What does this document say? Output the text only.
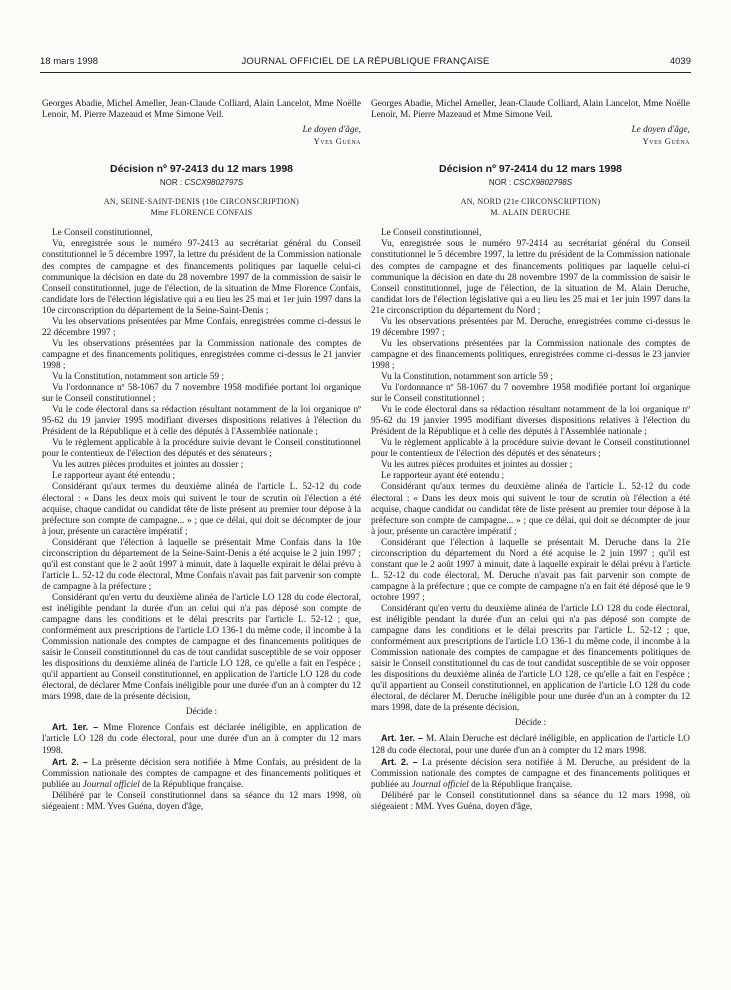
18 mars 1998	JOURNAL OFFICIEL DE LA RÉPUBLIQUE FRANÇAISE	4039

Georges Abadie, Michel Ameller, Jean-Claude Colliard, Alain Lancelot, Mme Noëlle Lenoir, M. Pierre Mazeaud et Mme Simone Veil.

Le doyen d'âge,
Yves Guéna
Décision nº 97-2413 du 12 mars 1998
NOR : CSCX9802797S
AN, SEINE-SAINT-DENIS (10e CIRCONSCRIPTION)
Mme FLORENCE CONFAIS

Le Conseil constitutionnel,

Vu, enregistrée sous le numéro 97-2413 au secrétariat général du Conseil constitutionnel le 5 décembre 1997, la lettre du président de la Commission nationale des comptes de campagne et des financements politiques par laquelle celui-ci communique la décision en date du 28 novembre 1997 de la commission de saisir le Conseil constitutionnel, juge de l'élection, de la situation de Mme Florence Confais, candidate lors de l'élection législative qui a eu lieu les 25 mai et 1er juin 1997 dans la 10e circonscription du département de la Seine-Saint-Denis ;

Vu les observations présentées par Mme Confais, enregistrées comme ci-dessus le 22 décembre 1997 ;

Vu les observations présentées par la Commission nationale des comptes de campagne et des financements politiques, enregistrées comme ci-dessus le 21 janvier 1998 ;

Vu la Constitution, notamment son article 59 ;

Vu l'ordonnance nº 58-1067 du 7 novembre 1958 modifiée portant loi organique sur le Conseil constitutionnel ;

Vu le code électoral dans sa rédaction résultant notamment de la loi organique nº 95-62 du 19 janvier 1995 modifiant diverses dispositions relatives à l'élection du Président de la République et à celle des députés à l'Assemblée nationale ;

Vu le règlement applicable à la procédure suivie devant le Conseil constitutionnel pour le contentieux de l'élection des députés et des sénateurs ;

Vu les autres pièces produites et jointes au dossier ;

Le rapporteur ayant été entendu ;

Considérant qu'aux termes du deuxième alinéa de l'article L. 52-12 du code électoral : « Dans les deux mois qui suivent le tour de scrutin où l'élection a été acquise, chaque candidat ou candidat tête de liste présent au premier tour dépose à la préfecture son compte de campagne... » ; que ce délai, qui doit se décompter de jour à jour, présente un caractère impératif ;

Considérant que l'élection à laquelle se présentait Mme Confais dans la 10e circonscription du département de la Seine-Saint-Denis a été acquise le 2 juin 1997 ; qu'il est constant que le 2 août 1997 à minuit, date à laquelle expirait le délai prévu à l'article L. 52-12 du code électoral, Mme Confais n'avait pas fait parvenir son compte de campagne à la préfecture ;

Considérant qu'en vertu du deuxième alinéa de l'article LO 128 du code électoral, est inéligible pendant la durée d'un an celui qui n'a pas déposé son compte de campagne dans les conditions et le délai prescrits par l'article L. 52-12 ; que, conformément aux prescriptions de l'article LO 136-1 du même code, il incombe à la Commission nationale des comptes de campagne et des financements politiques de saisir le Conseil constitutionnel du cas de tout candidat susceptible de se voir opposer les dispositions du deuxième alinéa de l'article LO 128, ce qu'elle a fait en l'espèce ; qu'il appartient au Conseil constitutionnel, en application de l'article LO 128 du code électoral, de déclarer Mme Confais inéligible pour une durée d'un an à compter du 12 mars 1998, date de la présente décision,

Décide :

Art. 1er. – Mme Florence Confais est déclarée inéligible, en application de l'article LO 128 du code électoral, pour une durée d'un an à compter du 12 mars 1998.

Art. 2. – La présente décision sera notifiée à Mme Confais, au président de la Commission nationale des comptes de campagne et des financements politiques et publiée au Journal officiel de la République française.

Délibéré par le Conseil constitutionnel dans sa séance du 12 mars 1998, où siégeaient : MM. Yves Guéna, doyen d'âge,

Georges Abadie, Michel Ameller, Jean-Claude Colliard, Alain Lancelot, Mme Noëlle Lenoir, M. Pierre Mazeaud et Mme Simone Veil.

Le doyen d'âge,
Yves Guéna
Décision nº 97-2414 du 12 mars 1998
NOR : CSCX9802798S
AN, NORD (21e CIRCONSCRIPTION)
M. ALAIN DERUCHE

Le Conseil constitutionnel,

Vu, enregistrée sous le numéro 97-2414 au secrétariat général du Conseil constitutionnel le 5 décembre 1997, la lettre du président de la Commission nationale des comptes de campagne et des financements politiques par laquelle celui-ci communique la décision en date du 28 novembre 1997 de la commission de saisir le Conseil constitutionnel, juge de l'élection, de la situation de M. Alain Deruche, candidat lors de l'élection législative qui a eu lieu les 25 mai et 1er juin 1997 dans la 21e circonscription du département du Nord ;

Vu les observations présentées par M. Deruche, enregistrées comme ci-dessus le 19 décembre 1997 ;

Vu les observations présentées par la Commission nationale des comptes de campagne et des financements politiques, enregistrées comme ci-dessus le 23 janvier 1998 ;

Vu la Constitution, notamment son article 59 ;

Vu l'ordonnance nº 58-1067 du 7 novembre 1958 modifiée portant loi organique sur le Conseil constitutionnel ;

Vu le code électoral dans sa rédaction résultant notamment de la loi organique nº 95-62 du 19 janvier 1995 modifiant diverses dispositions relatives à l'élection du Président de la République et à celle des députés à l'Assemblée nationale ;

Vu le règlement applicable à la procédure suivie devant le Conseil constitutionnel pour le contentieux de l'élection des députés et des sénateurs ;

Vu les autres pièces produites et jointes au dossier ;

Le rapporteur ayant été entendu ;

Considérant qu'aux termes du deuxième alinéa de l'article L. 52-12 du code électoral : « Dans les deux mois qui suivent le tour de scrutin où l'élection a été acquise, chaque candidat ou candidat tête de liste présent au premier tour dépose à la préfecture son compte de campagne... » ; que ce délai, qui doit se décompter de jour à jour, présente un caractère impératif ;

Considérant que l'élection à laquelle se présentait M. Deruche dans la 21e circonscription du département du Nord a été acquise le 2 juin 1997 ; qu'il est constant que le 2 août 1997 à minuit, date à laquelle expirait le délai prévu à l'article L. 52-12 du code électoral, M. Deruche n'avait pas fait parvenir son compte de campagne à la préfecture ; que ce compte de campagne n'a en fait été déposé que le 9 octobre 1997 ;

Considérant qu'en vertu du deuxième alinéa de l'article LO 128 du code électoral, est inéligible pendant la durée d'un an celui qui n'a pas déposé son compte de campagne dans les conditions et le délai prescrits par l'article L. 52-12 ; que, conformément aux prescriptions de l'article LO 136-1 du même code, il incombe à la Commission nationale des comptes de campagne et des financements politiques de saisir le Conseil constitutionnel du cas de tout candidat susceptible de se voir opposer les dispositions du deuxième alinéa de l'article LO 128, ce qu'elle a fait en l'espèce ; qu'il appartient au Conseil constitutionnel, en application de l'article LO 128 du code électoral, de déclarer M. Deruche inéligible pour une durée d'un an à compter du 12 mars 1998, date de la présente décision,

Décide :

Art. 1er. – M. Alain Deruche est déclaré inéligible, en application de l'article LO 128 du code électoral, pour une durée d'un an à compter du 12 mars 1998.

Art. 2. – La présente décision sera notifiée à M. Deruche, au président de la Commission nationale des comptes de campagne et des financements politiques et publiée au Journal officiel de la République française.

Délibéré par le Conseil constitutionnel dans sa séance du 12 mars 1998, où siégeaient : MM. Yves Guéna, doyen d'âge,
